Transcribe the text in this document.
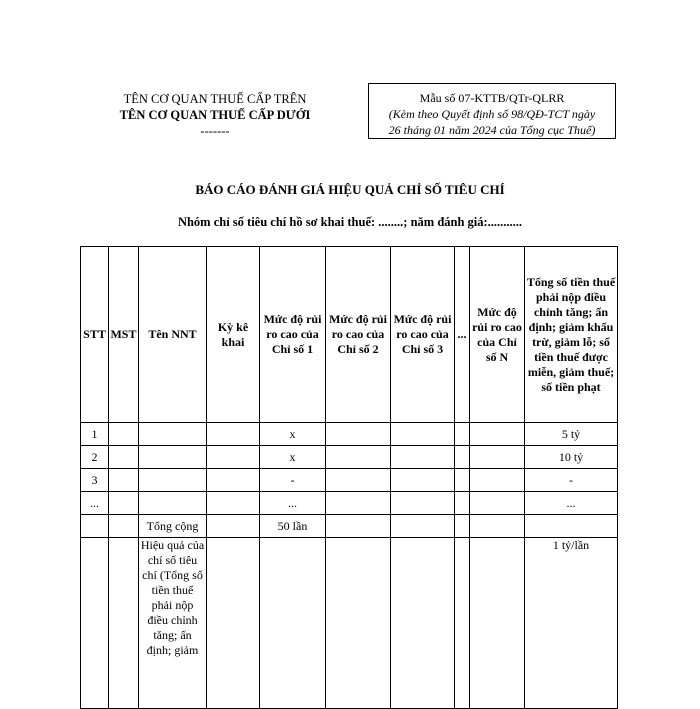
TÊN CƠ QUAN THUẾ CẤP TRÊN
TÊN CƠ QUAN THUẾ CẤP DƯỚI
-------
Mẫu số 07-KTTB/QTr-QLRR
(Kèm theo Quyết định số 98/QĐ-TCT ngày
26 tháng 01 năm 2024 của Tổng cục Thuế)
BÁO CÁO ĐÁNH GIÁ HIỆU QUẢ CHỈ SỐ TIÊU CHÍ
Nhóm chỉ số tiêu chí hồ sơ khai thuế: ........; năm đánh giá:...........
STT	MST	Tên NNT	Kỳ kê khai	Mức độ rủi ro cao của Chỉ số 1	Mức độ rủi ro cao của Chỉ số 2	Mức độ rủi ro cao của Chỉ số 3	...	Mức độ rủi ro cao của Chỉ số N	Tổng số tiền thuế phải nộp điều chỉnh tăng; ấn định; giảm khấu trừ, giảm lỗ; số tiền thuế được miễn, giảm thuế; số tiền phạt
1				x					5 tỷ
2				x					10 tỷ
3				-					-
...				...					...
		Tổng cộng		50 lần					
		Hiệu quả của chỉ số tiêu chí (Tổng số tiền thuế phải nộp điều chỉnh tăng; ấn định; giảm							1 tỷ/lần
